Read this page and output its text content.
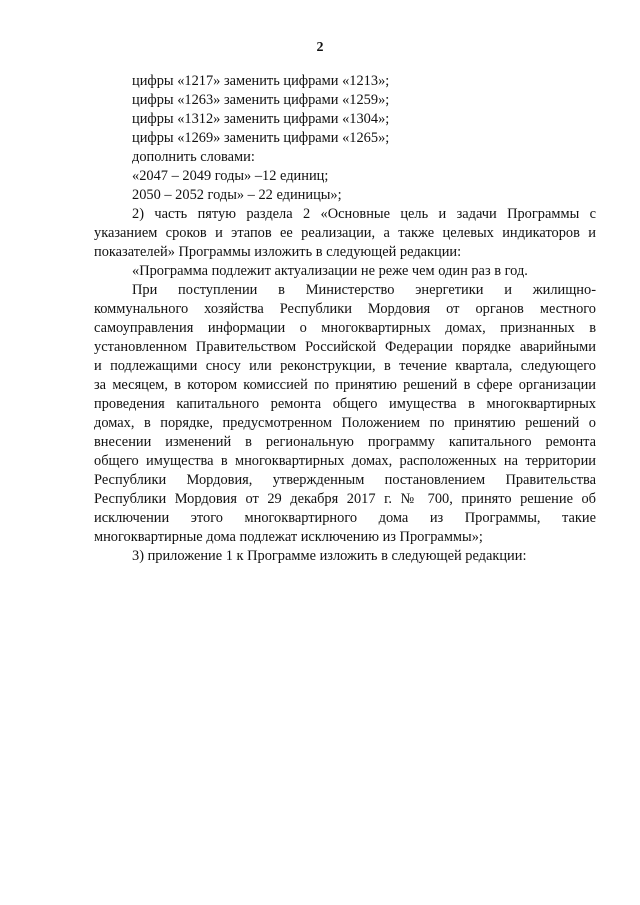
2
цифры «1217» заменить цифрами «1213»;
цифры «1263» заменить цифрами «1259»;
цифры «1312» заменить цифрами «1304»;
цифры «1269» заменить цифрами «1265»;
дополнить словами:
«2047 – 2049 годы» –12 единиц;
2050 – 2052 годы» – 22 единицы»;
2) часть пятую раздела 2 «Основные цель и задачи Программы с
указанием сроков и этапов ее реализации, а также целевых индикаторов и
показателей» Программы изложить в следующей редакции:
«Программа подлежит актуализации не реже чем один раз в год.
При поступлении в Министерство энергетики и жилищно-
коммунального хозяйства Республики Мордовия от органов местного
самоуправления информации о многоквартирных домах, признанных в
установленном Правительством Российской Федерации порядке аварийными
и подлежащими сносу или реконструкции, в течение квартала, следующего
за месяцем, в котором комиссией по принятию решений в сфере организации
проведения капитального ремонта общего имущества в многоквартирных
домах, в порядке, предусмотренном Положением по принятию решений о
внесении изменений в региональную программу капитального ремонта
общего имущества в многоквартирных домах, расположенных на территории
Республики Мордовия, утвержденным постановлением Правительства
Республики Мордовия от 29 декабря 2017 г. № 700, принято решение об
исключении этого многоквартирного дома из Программы, такие
многоквартирные дома подлежат исключению из Программы»;
3) приложение 1 к Программе изложить в следующей редакции:
